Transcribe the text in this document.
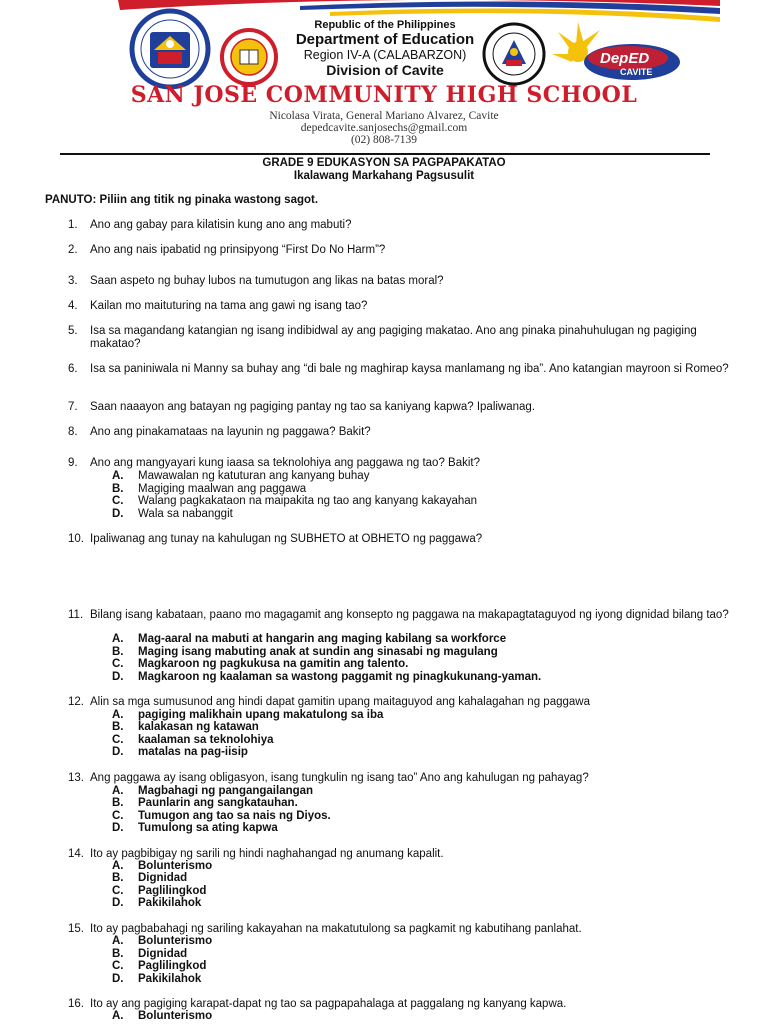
DepED
CAVITE
Republic of the Philippines
Department of Education
Region IV-A (CALABARZON)
Division of Cavite
SAN JOSE COMMUNITY HIGH SCHOOL
Nicolasa Virata, General Mariano Alvarez, Cavite
depedcavite.sanjosechs@gmail.com
(02) 808-7139
GRADE 9 EDUKASYON SA PAGPAPAKATAO
Ikalawang Markahang Pagsusulit
PANUTO: Piliin ang titik ng pinaka wastong sagot.
1.	Ano ang gabay para kilatisin kung ano ang mabuti?
2.	Ano ang nais ipabatid ng prinsipyong “First Do No Harm”?
3.	Saan aspeto ng buhay lubos na tumutugon ang likas na batas moral?
4.	Kailan mo maituturing na tama ang gawi ng isang tao?
5.	Isa sa magandang katangian ng isang indibidwal ay ang pagiging makatao. Ano ang pinaka pinahuhulugan ng pagiging makatao?
6.	Isa sa paniniwala ni Manny sa buhay ang “di bale ng maghirap kaysa manlamang ng iba”. Ano katangian mayroon si Romeo?
7.	Saan naaayon ang batayan ng pagiging pantay ng tao sa kaniyang kapwa? Ipaliwanag.
8.	Ano ang pinakamataas na layunin ng paggawa? Bakit?
9.	Ano ang mangyayari kung iaasa sa teknolohiya ang paggawa ng tao? Bakit?
A. Mawawalan ng katuturan ang kanyang buhay
B. Magiging maalwan ang paggawa
C. Walang pagkakataon na maipakita ng tao ang kanyang kakayahan
D. Wala sa nabanggit
10. Ipaliwanag ang tunay na kahulugan ng SUBHETO at OBHETO ng paggawa?
11. Bilang isang kabataan, paano mo magagamit ang konsepto ng paggawa na makapagtataguyod ng iyong dignidad bilang tao?
A. Mag-aaral na mabuti at hangarin ang maging kabilang sa workforce
B. Maging isang mabuting anak at sundin ang sinasabi ng magulang
C. Magkaroon ng pagkukusa na gamitin ang talento.
D. Magkaroon ng kaalaman sa wastong paggamit ng pinagkukunang-yaman.
12. Alin sa mga sumusunod ang hindi dapat gamitin upang maitaguyod ang kahalagahan ng paggawa
A. pagiging malikhain upang makatulong sa iba
B. kalakasan ng katawan
C. kaalaman sa teknolohiya
D. matalas na pag-iisip
13. Ang paggawa ay isang obligasyon, isang tungkulin ng isang tao” Ano ang kahulugan ng pahayag?
A. Magbahagi ng pangangailangan
B. Paunlarin ang sangkatauhan.
C. Tumugon ang tao sa nais ng Diyos.
D. Tumulong sa ating kapwa
14. Ito ay pagbibigay ng sarili ng hindi naghahangad ng anumang kapalit.
A. Bolunterismo
B. Dignidad
C. Paglilingkod
D. Pakikilahok
15. Ito ay pagbabahagi ng sariling kakayahan na makatutulong sa pagkamit ng kabutihang panlahat.
A. Bolunterismo
B. Dignidad
C. Paglilingkod
D. Pakikilahok
16. Ito ay ang pagiging karapat-dapat ng tao sa pagpapahalaga at paggalang ng kanyang kapwa.
A. Bolunterismo
